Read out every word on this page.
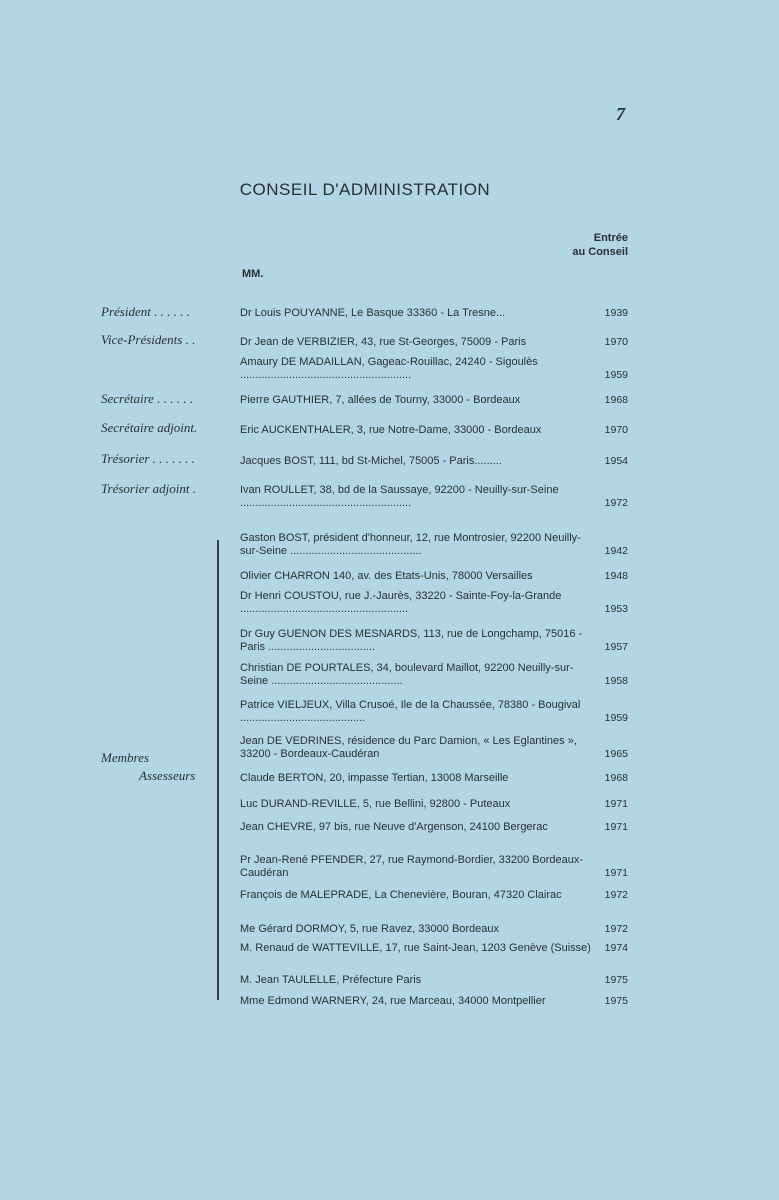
7
CONSEIL D'ADMINISTRATION
Entrée
au Conseil
MM.
Président . . . . . .	Dr Louis POUYANNE, Le Basque 33360 - La Tresne...	1939
Vice-Présidents . .	Dr Jean de VERBIZIER, 43, rue St-Georges, 75009 - Paris	1970
Amaury DE MADAILLAN, Gageac-Rouillac, 24240 - Sigoulès ........................................................	1959
Secrétaire . . . . . .	Pierre GAUTHIER, 7, allées de Tourny, 33000 - Bordeaux	1968
Secrétaire adjoint.	Eric AUCKENTHALER, 3, rue Notre-Dame, 33000 - Bordeaux	1970
Trésorier . . . . . . .	Jacques BOST, 111, bd St-Michel, 75005 - Paris.........	1954
Trésorier adjoint .	Ivan ROULLET, 38, bd de la Saussaye, 92200 - Neuilly-sur-Seine ........................................................	1972
Membres
Assesseurs
Gaston BOST, président d'honneur, 12, rue Montrosier, 92200 Neuilly-sur-Seine ...........................................	1942
Olivier CHARRON 140, av. des Etats-Unis, 78000 Versailles	1948
Dr Henri COUSTOU, rue J.-Jaurès, 33220 - Sainte-Foy-la-Grande .......................................................	1953
Dr Guy GUENON DES MESNARDS, 113, rue de Longchamp, 75016 - Paris ...................................	1957
Christian DE POURTALES, 34, boulevard Maillot, 92200 Neuilly-sur-Seine ...........................................	1958
Patrice VIELJEUX, Villa Crusoé, Ile de la Chaussée, 78380 - Bougival .........................................	1959
Jean DE VEDRINES, résidence du Parc Damion, « Les Eglantines », 33200 - Bordeaux-Caudéran	1965
Claude BERTON, 20, impasse Tertian, 13008 Marseille	1968
Luc DURAND-REVILLE, 5, rue Bellini, 92800 - Puteaux	1971
Jean CHEVRE, 97 bis, rue Neuve d'Argenson, 24100 Bergerac	1971
Pr Jean-René PFENDER, 27, rue Raymond-Bordier, 33200 Bordeaux-Caudéran	1971
François de MALEPRADE, La Chenevière, Bouran, 47320 Clairac	1972
Me Gérard DORMOY, 5, rue Ravez, 33000 Bordeaux	1972
M. Renaud de WATTEVILLE, 17, rue Saint-Jean, 1203 Genève (Suisse)	1974
M. Jean TAULELLE, Préfecture Paris	1975
Mme Edmond WARNERY, 24, rue Marceau, 34000 Montpellier	1975
